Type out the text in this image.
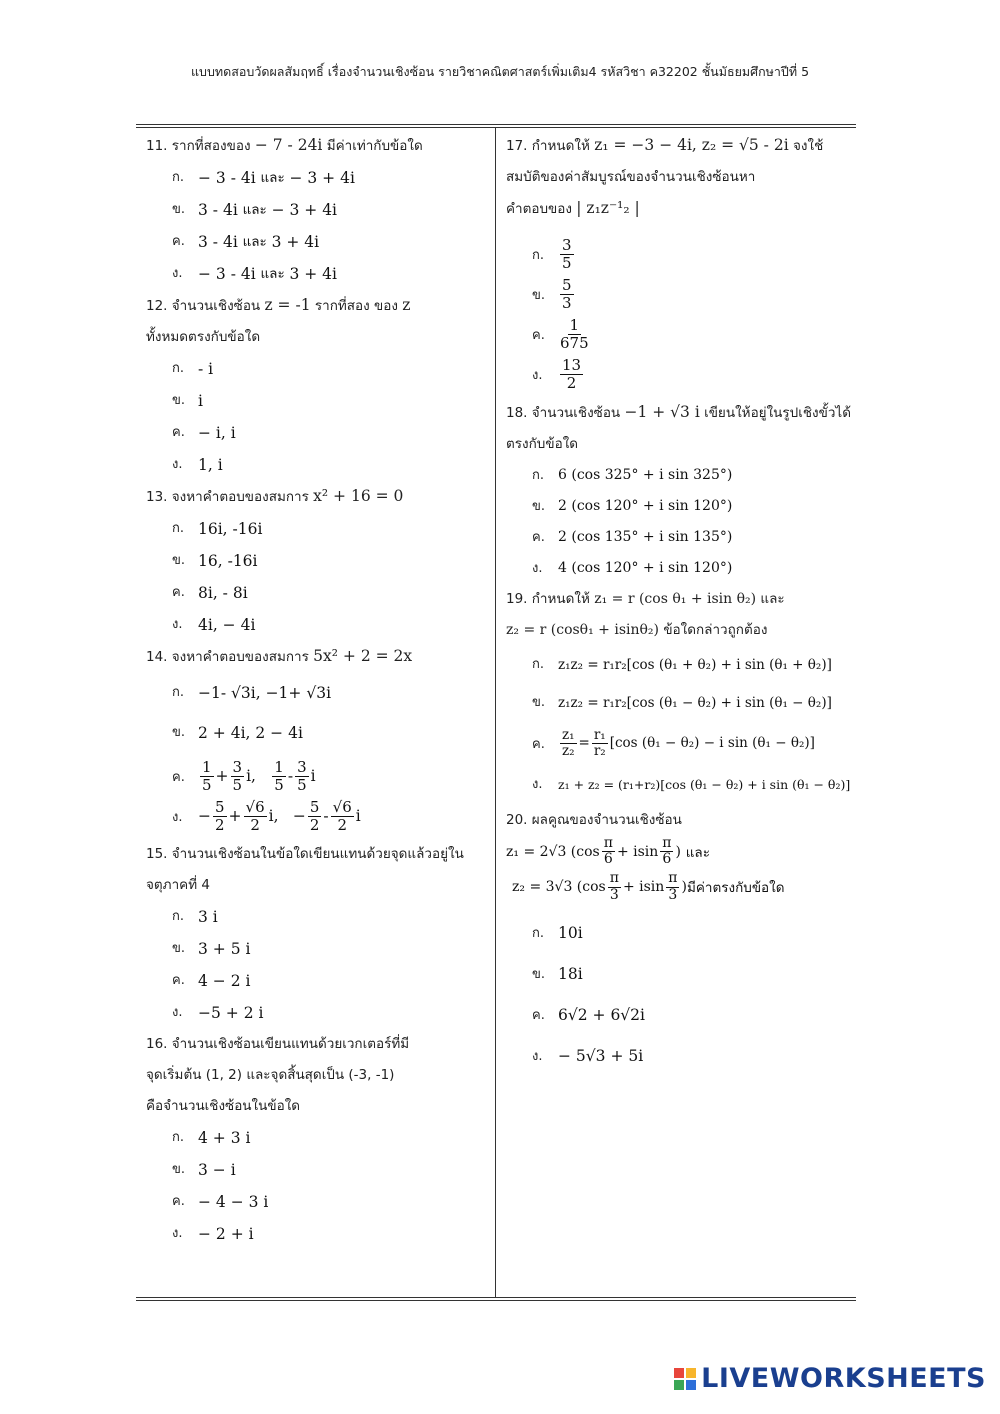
แบบทดสอบวัดผลสัมฤทธิ์ เรื่องจำนวนเชิงซ้อน รายวิชาคณิตศาสตร์เพิ่มเติม4 รหัสวิชา ค32202 ชั้นมัธยมศึกษาปีที่ 5
11. รากที่สองของ − 7 - 24i มีค่าเท่ากับข้อใด
ก. − 3 - 4i
และ
− 3 + 4i
ข. 3 - 4i
และ
− 3 + 4i
ค. 3 - 4i
และ
3 + 4i
ง.	− 3 - 4i
และ
3 + 4i
12. จำนวนเชิงซ้อน z = -1 รากที่สอง ของ z
ทั้งหมดตรงกับข้อใด
ก. - i
ข. i
ค. − i, i
ง.	1, i
13. จงหาคำตอบของสมการ x² + 16 = 0
ก. 16i, -16i
ข. 16, -16i
ค. 8i, - 8i
ง.	4i, − 4i
14. จงหาคำตอบของสมการ 5x² + 2 = 2x
ก. −1- √3i, −1+ √3i
ข. 2 + 4i, 2 − 4i
ค.	$\frac{1}{5} + \frac{3}{5} i$,
$\frac{1}{5} - \frac{3}{5}$ i
ง.	− $\frac{5}{2} + \frac{√6}{2} i$,
− $\frac{5}{2} - \frac{√6}{2}$ i
15. จำนวนเชิงซ้อนในข้อใดเขียนแทนด้วยจุดแล้วอยู่ใน
จตุภาคที่ 4
ก. 3 i
ข. 3 + 5 i
ค. 4 − 2 i
ง.	−5 + 2 i
16. จำนวนเชิงซ้อนเขียนแทนด้วยเวกเตอร์ที่มี
จุดเริ่มต้น (1, 2) และจุดสิ้นสุดเป็น (-3, -1)
คือจำนวนเชิงซ้อนในข้อใด
ก. 4 + 3 i
ข. 3 − i
ค. − 4 − 3 i
ง.	− 2 + i
17. กำหนดให้ z₁ = −3 − 4i, z₂ = √5 - 2i จงใช้
สมบัติของค่าสัมบูรณ์ของจำนวนเชิงซ้อนหา
คำตอบของ | z₁z⁻¹₂ |
ก.	$\frac{3}{5}$
ข. $\frac{5}{3}$
ค.	$\frac{1}{675}$
ง.	$\frac{13}{2}$
18. จำนวนเชิงซ้อน −1 + √3 i เขียนให้อยู่ในรูปเชิงขั้วได้
ตรงกับข้อใด
ก. 6 (cos 325° + i sin 325°)
ข. 2 (cos 120° + i sin 120°)
ค. 2 (cos 135° + i sin 135°)
ง.	4 (cos 120° + i sin 120°)
19. กำหนดให้ z₁ = r (cos θ₁ + isin θ₂) และ
z₂ = r (cosθ₁ + isinθ₂) ข้อใดกล่าวถูกต้อง
ก.	z₁z₂ = r₁r₂[cos (θ₁ + θ₂) + i sin (θ₁ + θ₂)]
ข. z₁z₂ = r₁r₂[cos (θ₁ − θ₂) + i sin (θ₁ − θ₂)]
ค.	$\frac{\text{z₁}}{\text{z₂}} = \frac{\text{r₁}}{\text{r₂}} [\cos$ (θ₁ − θ₂) − i sin (θ₁ − θ₂)]
ง.	z₁ + z₂ = (r₁+r₂)[cos (θ₁ − θ₂) + i sin (θ₁ − θ₂)]
20. ผลคูณของจำนวนเชิงซ้อน
z₁ = 2√3 ($\cos \frac{\pi}{6} + isin \frac{\pi}{6}$ )
และ
z₂ = 3√3 ($\cos \frac{\pi}{3} + isin \frac{\pi}{3}$ ) มีค่าตรงกับข้อใด
ก. 10i
ข. 18i
ค. 6√2 + 6√2i
ง.	− 5√3 + 5i
LIVEWORKSHEETS
